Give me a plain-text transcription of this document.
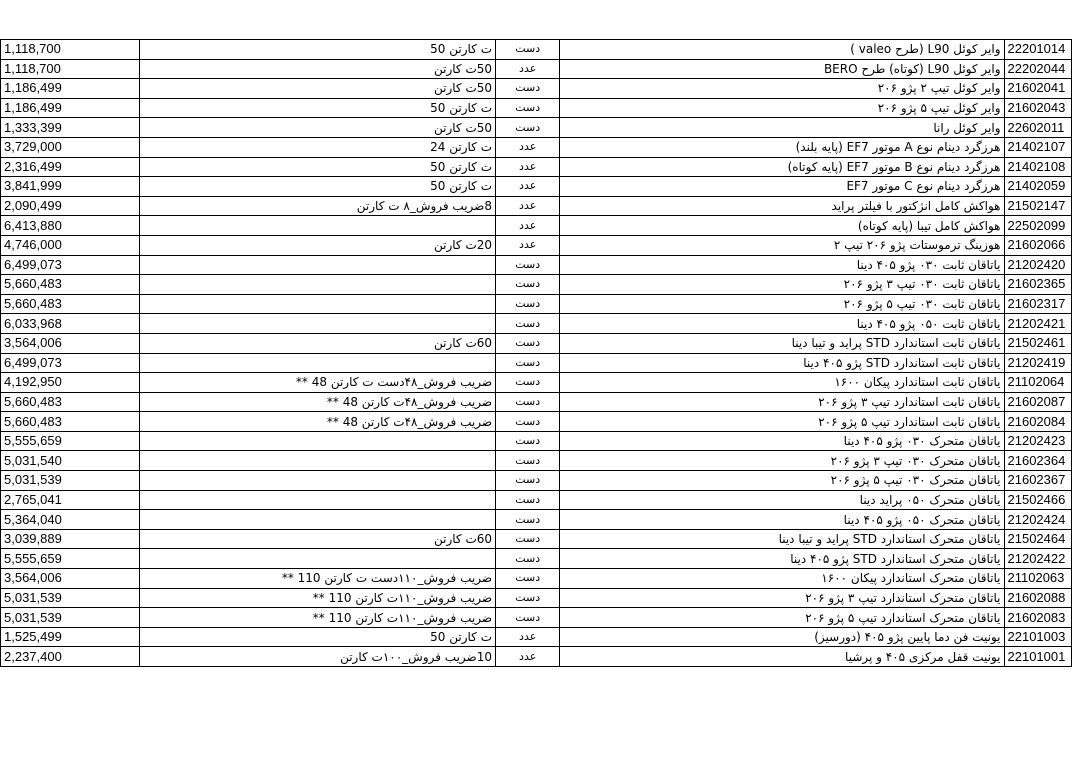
1,118,700	ت کارتن 50	دست	وایر کوئل L90 (طرح valeo )	22201014
1,118,700	50ت کارتن	عدد	وایر کوئل L90 (کوتاه) طرح BERO	22202044
1,186,499	50ت کارتن	دست	وایر کوئل تیپ ۲ پژو ۲۰۶	21602041
1,186,499	ت کارتن 50	دست	وایر کوئل تیپ ۵ پژو ۲۰۶	21602043
1,333,399	50ت کارتن	دست	وایر کوئل رانا	22602011
3,729,000	ت کارتن 24	عدد	هرزگرد دینام نوع A موتور EF7 (پایه بلند)	21402107
2,316,499	ت کارتن 50	عدد	هرزگرد دینام نوع B موتور EF7 (پایه کوتاه)	21402108
3,841,999	ت کارتن 50	عدد	هرزگرد دینام نوع C موتور EF7	21402059
2,090,499	8ضریب فروش_۸ ت کارتن	عدد	هواکش کامل انژکتور با فیلتر پراید	21502147
6,413,880		عدد	هواکش کامل تیبا (پایه کوتاه)	22502099
4,746,000	20ت کارتن	عدد	هوزینگ ترموستات پژو ۲۰۶ تیپ ۲	21602066
6,499,073		دست	یاتاقان ثابت ۰۳۰ پژو ۴۰۵ دینا	21202420
5,660,483		دست	یاتاقان ثابت ۰۳۰ تیپ ۳ پژو ۲۰۶	21602365
5,660,483		دست	یاتاقان ثابت ۰۳۰ تیپ ۵ پژو ۲۰۶	21602317
6,033,968		دست	یاتاقان ثابت ۰۵۰ پژو ۴۰۵ دینا	21202421
3,564,006	60ت کارتن	دست	یاتاقان ثابت استاندارد STD پراید و تیبا دینا	21502461
6,499,073		دست	یاتاقان ثابت استاندارد STD پژو ۴۰۵ دینا	21202419
4,192,950	ضریب فروش_۴۸دست ت کارتن 48 **	دست	یاتاقان ثابت استاندارد پیکان ۱۶۰۰	21102064
5,660,483	ضریب فروش_۴۸ت کارتن 48 **	دست	یاتاقان ثابت استاندارد تیپ ۳ پژو ۲۰۶	21602087
5,660,483	ضریب فروش_۴۸ت کارتن 48 **	دست	یاتاقان ثابت استاندارد تیپ ۵ پژو ۲۰۶	21602084
5,555,659		دست	یاتاقان متحرک ۰۳۰ پژو ۴۰۵ دینا	21202423
5,031,540		دست	یاتاقان متحرک ۰۳۰ تیپ ۳ پژو ۲۰۶	21602364
5,031,539		دست	یاتاقان متحرک ۰۳۰ تیپ ۵ پژو ۲۰۶	21602367
2,765,041		دست	یاتاقان متحرک ۰۵۰ پراید دینا	21502466
5,364,040		دست	یاتاقان متحرک ۰۵۰ پژو ۴۰۵ دینا	21202424
3,039,889	60ت کارتن	دست	یاتاقان متحرک استاندارد STD پراید و تیبا دینا	21502464
5,555,659		دست	یاتاقان متحرک استاندارد STD پژو ۴۰۵ دینا	21202422
3,564,006	ضریب فروش_۱۱۰دست ت کارتن 110 **	دست	یاتاقان متحرک استاندارد پیکان ۱۶۰۰	21102063
5,031,539	ضریب فروش_۱۱۰ت کارتن 110 **	دست	یاتاقان متحرک استاندارد تیپ ۳ پژو ۲۰۶	21602088
5,031,539	ضریب فروش_۱۱۰ت کارتن 110 **	دست	یاتاقان متحرک استاندارد تیپ ۵ پژو ۲۰۶	21602083
1,525,499	ت کارتن 50	عدد	یونیت فن دما پایین پژو ۴۰۵ (دورسیز)	22101003
2,237,400	10ضریب فروش_۱۰۰ت کارتن	عدد	یونیت قفل مرکزی ۴۰۵ و پرشیا	22101001
